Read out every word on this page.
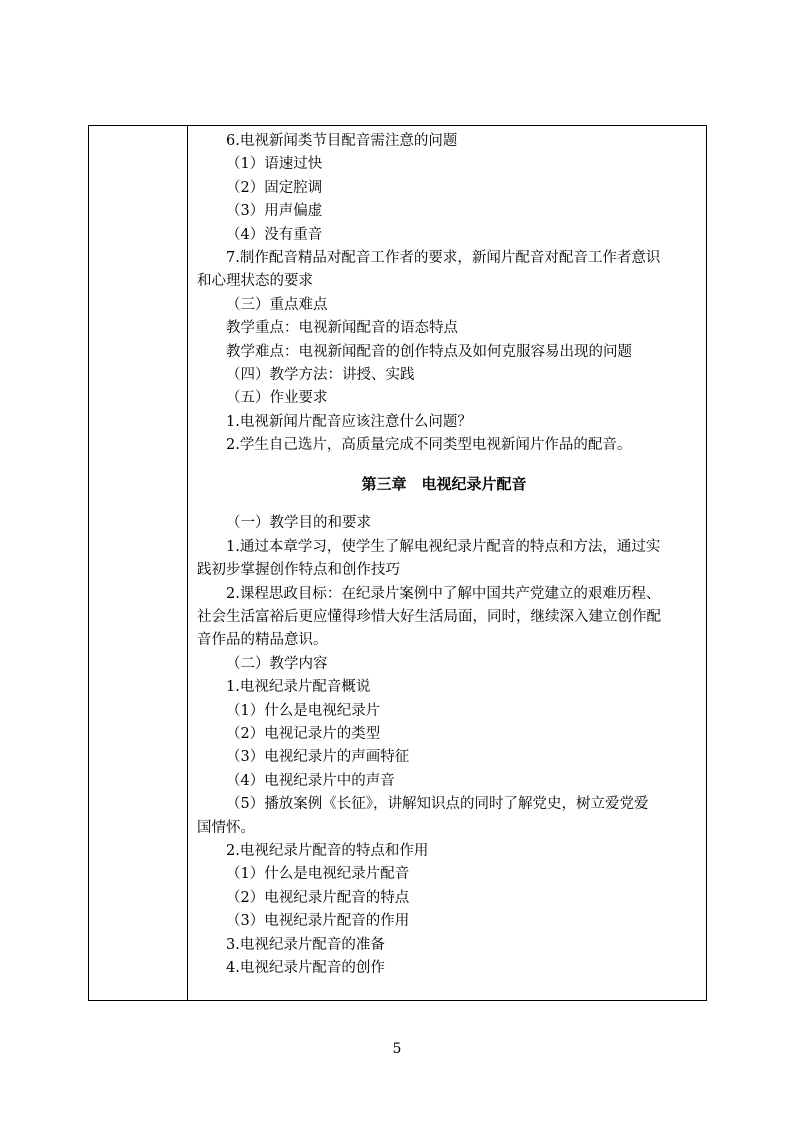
6.电视新闻类节目配音需注意的问题
（1）语速过快
（2）固定腔调
（3）用声偏虚
（4）没有重音
7.制作配音精品对配音工作者的要求，新闻片配音对配音工作者意识
和心理状态的要求
（三）重点难点
教学重点：电视新闻配音的语态特点
教学难点：电视新闻配音的创作特点及如何克服容易出现的问题
（四）教学方法：讲授、实践
（五）作业要求
1.电视新闻片配音应该注意什么问题？
2.学生自己选片，高质量完成不同类型电视新闻片作品的配音。
第三章　电视纪录片配音
（一）教学目的和要求
1.通过本章学习，使学生了解电视纪录片配音的特点和方法，通过实
践初步掌握创作特点和创作技巧
2.课程思政目标：在纪录片案例中了解中国共产党建立的艰难历程、
社会生活富裕后更应懂得珍惜大好生活局面，同时，继续深入建立创作配
音作品的精品意识。
（二）教学内容
1.电视纪录片配音概说
（1）什么是电视纪录片
（2）电视记录片的类型
（3）电视纪录片的声画特征
（4）电视纪录片中的声音
（5）播放案例《长征》，讲解知识点的同时了解党史，树立爱党爱
国情怀。
2.电视纪录片配音的特点和作用
（1）什么是电视纪录片配音
（2）电视纪录片配音的特点
（3）电视纪录片配音的作用
3.电视纪录片配音的准备
4.电视纪录片配音的创作
5
